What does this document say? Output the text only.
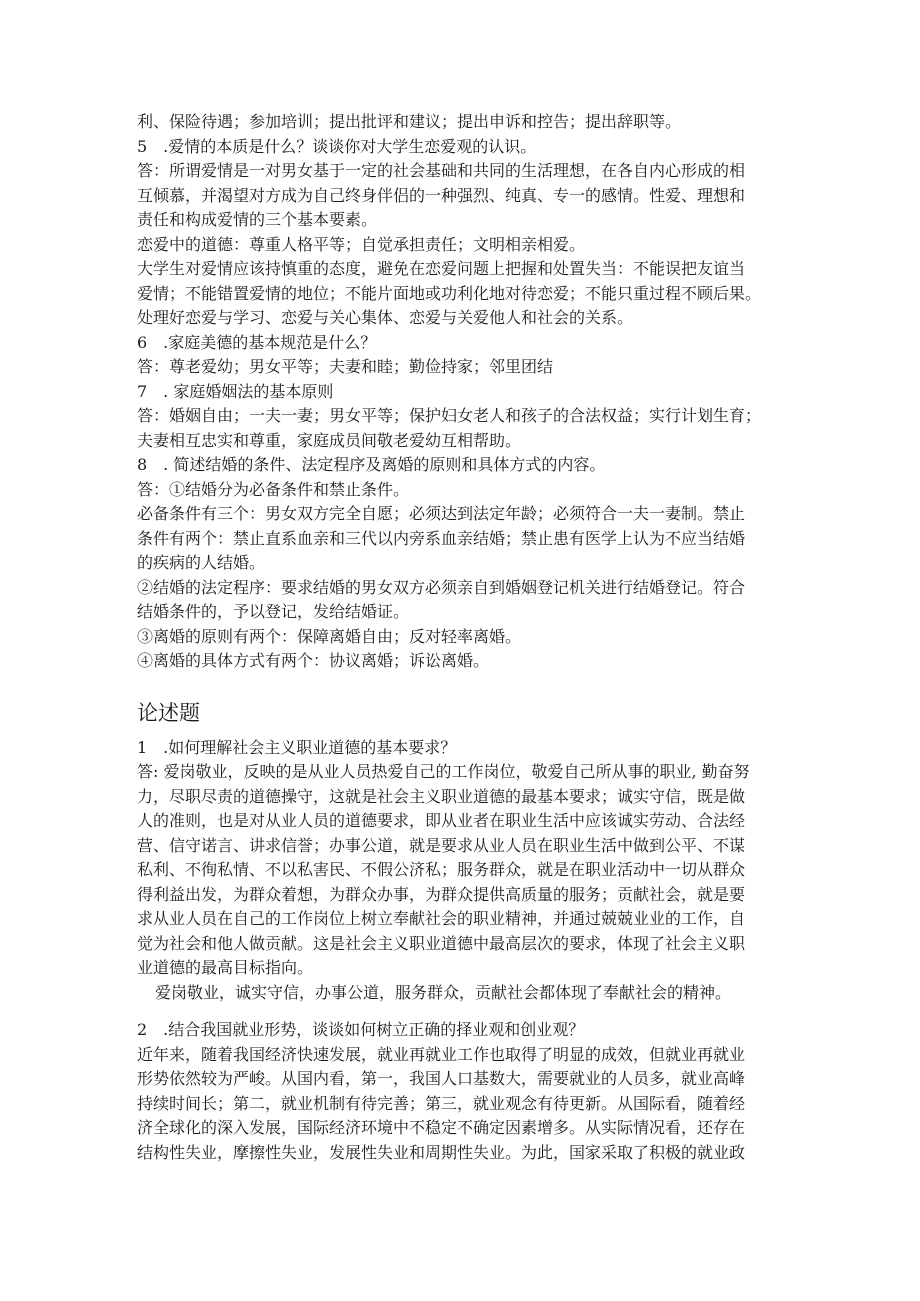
利、保险待遇；参加培训；提出批评和建议；提出申诉和控告；提出辞职等。
5　.爱情的本质是什么？谈谈你对大学生恋爱观的认识。
答：所谓爱情是一对男女基于一定的社会基础和共同的生活理想，在各自内心形成的相
互倾慕，并渴望对方成为自己终身伴侣的一种强烈、纯真、专一的感情。性爱、理想和
责任和构成爱情的三个基本要素。
恋爱中的道德：尊重人格平等；自觉承担责任；文明相亲相爱。
大学生对爱情应该持慎重的态度，避免在恋爱问题上把握和处置失当：不能误把友谊当
爱情；不能错置爱情的地位；不能片面地或功利化地对待恋爱；不能只重过程不顾后果。
处理好恋爱与学习、恋爱与关心集体、恋爱与关爱他人和社会的关系。
6　.家庭美德的基本规范是什么？
答：尊老爱幼；男女平等；夫妻和睦；勤俭持家；邻里团结
7　. 家庭婚姻法的基本原则
答：婚姻自由；一夫一妻；男女平等；保护妇女老人和孩子的合法权益；实行计划生育；
夫妻相互忠实和尊重，家庭成员间敬老爱幼互相帮助。
8　. 简述结婚的条件、法定程序及离婚的原则和具体方式的内容。
答：①结婚分为必备条件和禁止条件。
必备条件有三个：男女双方完全自愿；必须达到法定年龄；必须符合一夫一妻制。禁止
条件有两个：禁止直系血亲和三代以内旁系血亲结婚；禁止患有医学上认为不应当结婚
的疾病的人结婚。
②结婚的法定程序：要求结婚的男女双方必须亲自到婚姻登记机关进行结婚登记。符合
结婚条件的，予以登记，发给结婚证。
③离婚的原则有两个：保障离婚自由；反对轻率离婚。
④离婚的具体方式有两个：协议离婚；诉讼离婚。
论述题
1　.如何理解社会主义职业道德的基本要求？
答: 爱岗敬业，反映的是从业人员热爱自己的工作岗位，敬爱自己所从事的职业, 勤奋努
力，尽职尽责的道德操守，这就是社会主义职业道德的最基本要求；诚实守信，既是做
人的准则，也是对从业人员的道德要求，即从业者在职业生活中应该诚实劳动、合法经
营、信守诺言、讲求信誉；办事公道，就是要求从业人员在职业生活中做到公平、不谋
私利、不徇私情、不以私害民、不假公济私；服务群众，就是在职业活动中一切从群众
得利益出发，为群众着想，为群众办事，为群众提供高质量的服务；贡献社会，就是要
求从业人员在自己的工作岗位上树立奉献社会的职业精神，并通过兢兢业业的工作，自
觉为社会和他人做贡献。这是社会主义职业道德中最高层次的要求，体现了社会主义职
业道德的最高目标指向。
爱岗敬业，诚实守信，办事公道，服务群众，贡献社会都体现了奉献社会的精神。
2　.结合我国就业形势，谈谈如何树立正确的择业观和创业观？
近年来，随着我国经济快速发展，就业再就业工作也取得了明显的成效，但就业再就业
形势依然较为严峻。从国内看，第一，我国人口基数大，需要就业的人员多，就业高峰
持续时间长；第二，就业机制有待完善；第三，就业观念有待更新。从国际看，随着经
济全球化的深入发展，国际经济环境中不稳定不确定因素增多。从实际情况看，还存在
结构性失业，摩擦性失业，发展性失业和周期性失业。为此，国家采取了积极的就业政
